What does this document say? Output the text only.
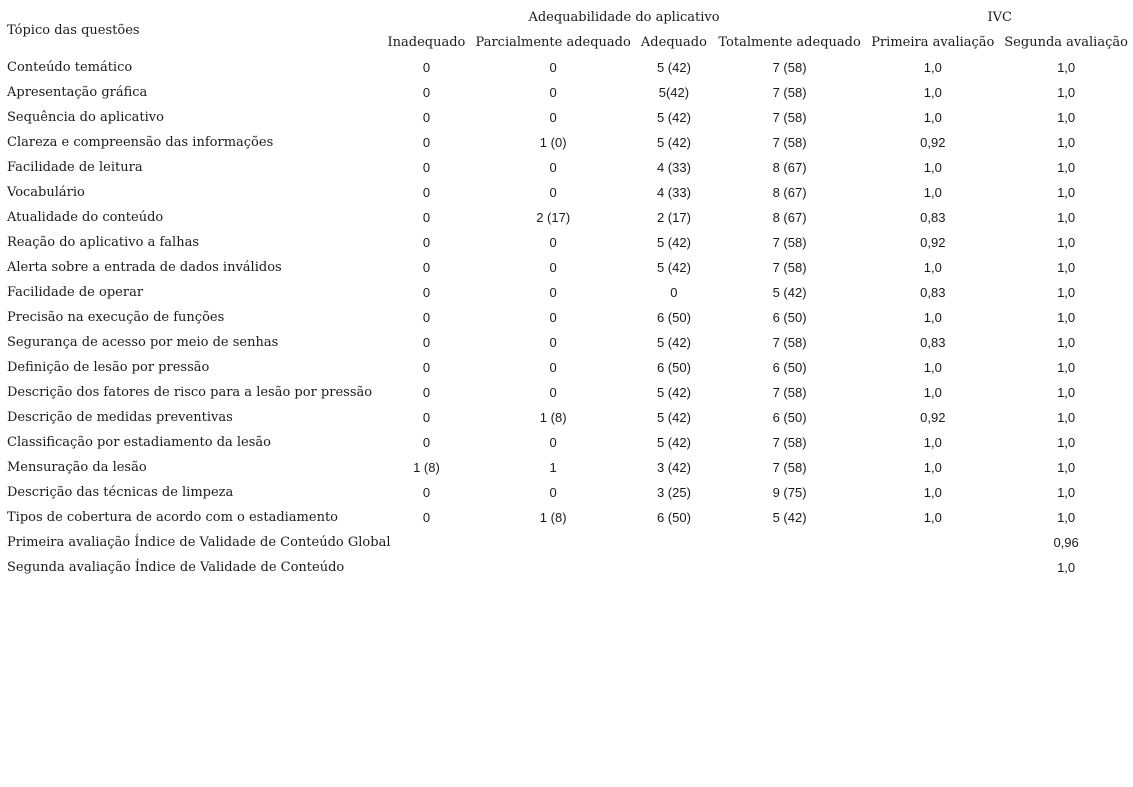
Tópico das questões	Adequabilidade do aplicativo				IVC	
	Inadequado	Parcialmente adequado	Adequado	Totalmente adequado	Primeira avaliação	Segunda avaliação
Conteúdo temático	0	0	5 (42)	7 (58)	1,0	1,0
Apresentação gráfica	0	0	5(42)	7 (58)	1,0	1,0
Sequência do aplicativo	0	0	5 (42)	7 (58)	1,0	1,0
Clareza e compreensão das informações	0	1 (0)	5 (42)	7 (58)	0,92	1,0
Facilidade de leitura	0	0	4 (33)	8 (67)	1,0	1,0
Vocabulário	0	0	4 (33)	8 (67)	1,0	1,0
Atualidade do conteúdo	0	2 (17)	2 (17)	8 (67)	0,83	1,0
Reação do aplicativo a falhas	0	0	5 (42)	7 (58)	0,92	1,0
Alerta sobre a entrada de dados inválidos	0	0	5 (42)	7 (58)	1,0	1,0
Facilidade de operar	0	0	0	5 (42)	0,83	1,0
Precisão na execução de funções	0	0	6 (50)	6 (50)	1,0	1,0
Segurança de acesso por meio de senhas	0	0	5 (42)	7 (58)	0,83	1,0
Definição de lesão por pressão	0	0	6 (50)	6 (50)	1,0	1,0
Descrição dos fatores de risco para a lesão por pressão	0	0	5 (42)	7 (58)	1,0	1,0
Descrição de medidas preventivas	0	1 (8)	5 (42)	6 (50)	0,92	1,0
Classificação por estadiamento da lesão	0	0	5 (42)	7 (58)	1,0	1,0
Mensuração da lesão	1 (8)	1	3 (42)	7 (58)	1,0	1,0
Descrição das técnicas de limpeza	0	0	3 (25)	9 (75)	1,0	1,0
Tipos de cobertura de acordo com o estadiamento	0	1 (8)	6 (50)	5 (42)	1,0	1,0
Primeira avaliação Índice de Validade de Conteúdo Global						0,96
Segunda avaliação Índice de Validade de Conteúdo						1,0
